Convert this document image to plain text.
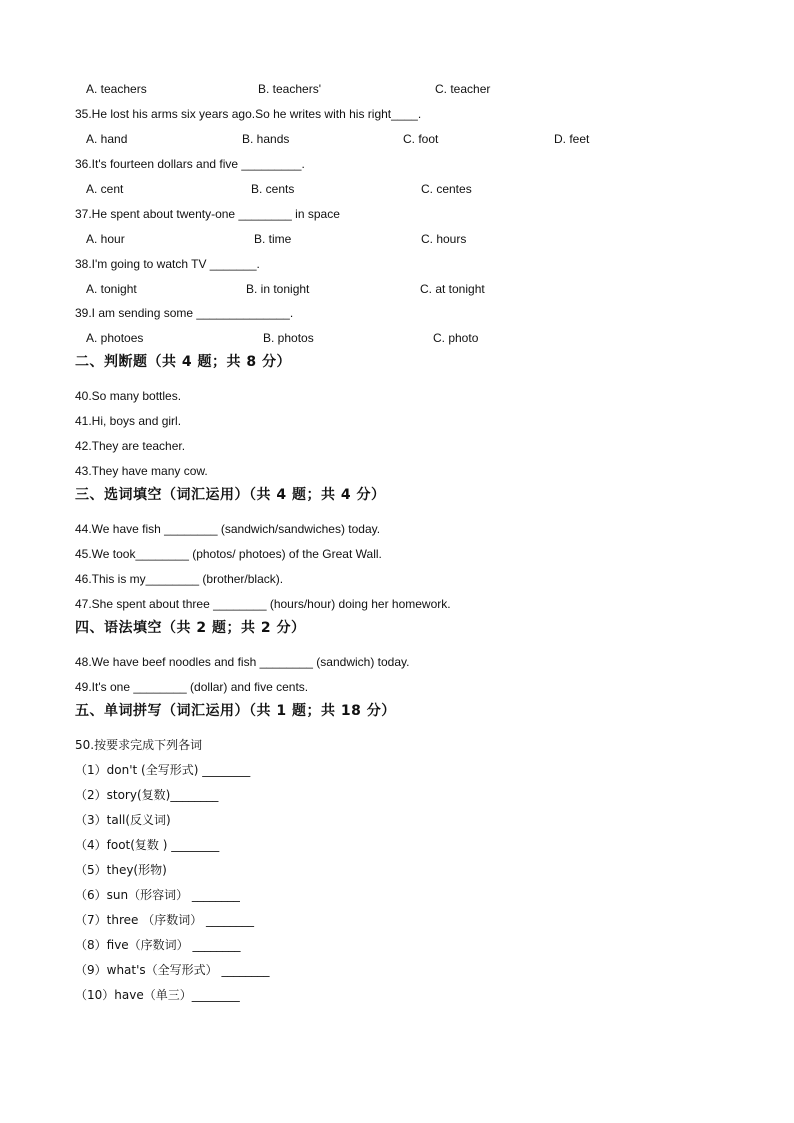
A. teachers	B. teachers'	C. teacher
35.He lost his arms six years ago.So he writes with his right____.
A. hand	B. hands	C. foot	D. feet
36.It's fourteen dollars and five _________.
A. cent	B. cents	C. centes
37.He spent about twenty-one ________ in space
A. hour	B. time	C. hours
38.I'm going to watch TV _______.
A. tonight	B. in tonight	C. at tonight
39.I am sending some ______________.
A. photoes	B. photos	C. photo
二、判断题（共 4 题；共 8 分）
40.So many bottles.
41.Hi, boys and girl.
42.They are teacher.
43.They have many cow.
三、选词填空（词汇运用）（共 4 题；共 4 分）
44.We have fish ________ (sandwich/sandwiches) today.
45.We took________ (photos/ photoes) of the Great Wall.
46.This is my________ (brother/black).
47.She spent about three ________ (hours/hour) doing her homework.
四、语法填空（共 2 题；共 2 分）
48.We have beef noodles and fish ________ (sandwich) today.
49.It's one ________ (dollar) and five cents.
五、单词拼写（词汇运用）（共 1 题；共 18 分）
50.按要求完成下列各词
（1）don't (全写形式) ________
（2）story(复数)________
（3）tall(反义词)
（4）foot(复数 ) ________
（5）they(形物)
（6）sun（形容词） ________
（7）three （序数词） ________
（8）five（序数词） ________
（9）what's（全写形式） ________
（10）have（单三）________
